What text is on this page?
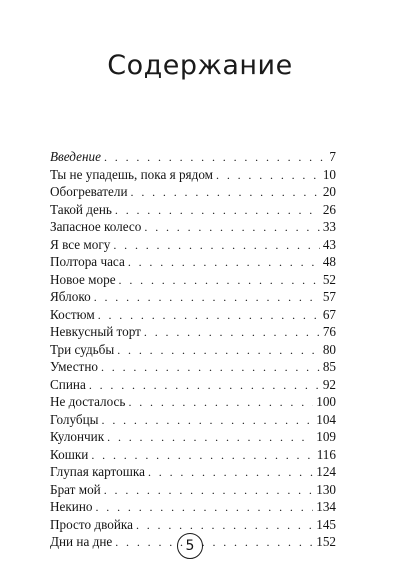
Содержание
Введение . . .	7
Ты не упадешь, пока я рядом . . .	10
Обогреватели . . .	20
Такой день . . .	26
Запасное колесо . . .	33
Я все могу . . .	43
Полтора часа . . .	48
Новое море . . .	52
Яблоко . . .	57
Костюм . . .	67
Невкусный торт . . .	76
Три судьбы . . .	80
Уместно . . .	85
Спина . . .	92
Не досталось . . .	100
Голубцы . . .	104
Кулончик . . .	109
Кошки . . .	116
Глупая картошка . . .	124
Брат мой . . .	130
Некино . . .	134
Просто двойка . . .	145
Дни на дне . . .	152
5
